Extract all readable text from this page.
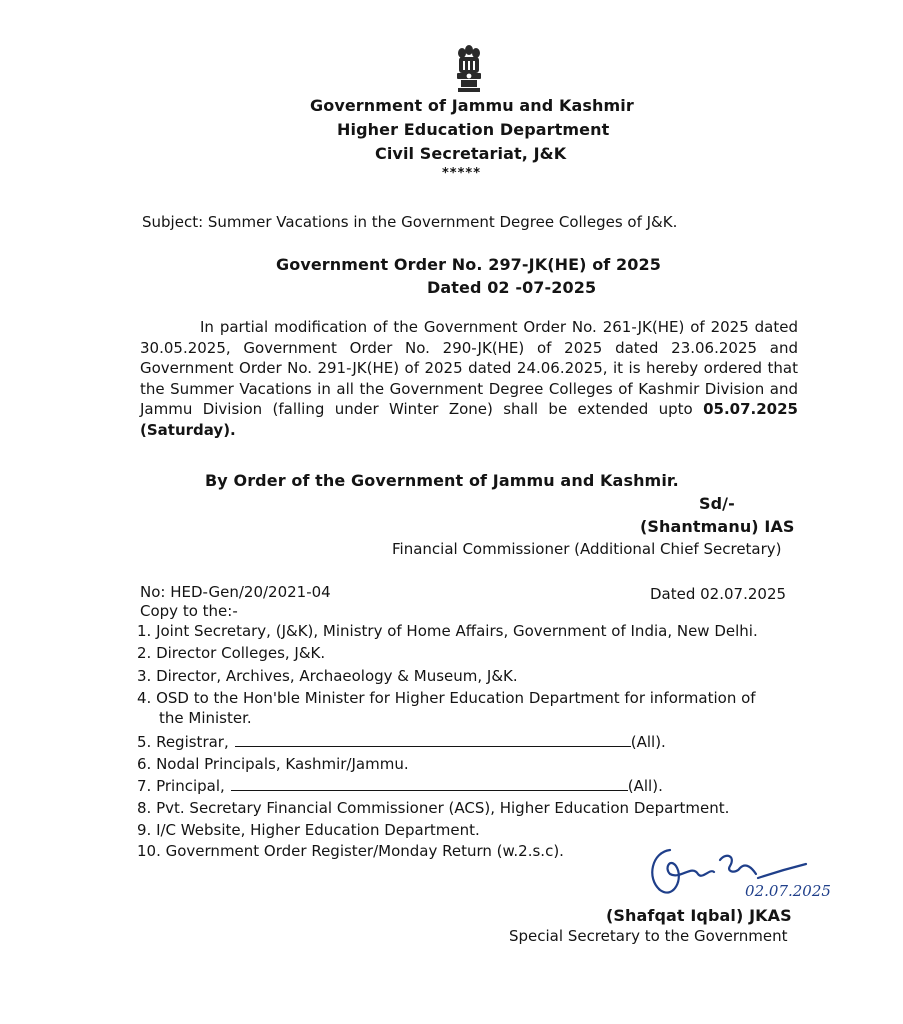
Government of Jammu and Kashmir
Higher Education Department
Civil Secretariat, J&K
*****
Subject: Summer Vacations in the Government Degree Colleges of J&K.
Government Order No. 297-JK(HE) of 2025
Dated 02 -07-2025
In partial modification of the Government Order No. 261-JK(HE) of 2025 dated 30.05.2025, Government Order No. 290-JK(HE) of 2025 dated 23.06.2025 and Government Order No. 291-JK(HE) of 2025 dated 24.06.2025, it is hereby ordered that the Summer Vacations in all the Government Degree Colleges of Kashmir Division and Jammu Division (falling under Winter Zone) shall be extended upto 05.07.2025 (Saturday).
By Order of the Government of Jammu and Kashmir.
Sd/-
(Shantmanu) IAS
Financial Commissioner (Additional Chief Secretary)
No: HED-Gen/20/2021-04	Dated 02.07.2025
Copy to the:-
1. Joint Secretary, (J&K), Ministry of Home Affairs, Government of India, New Delhi.
2. Director Colleges, J&K.
3. Director, Archives, Archaeology & Museum, J&K.
4. OSD to the Hon'ble Minister for Higher Education Department for information of
the Minister.
5. Registrar,	(All).
6. Nodal Principals, Kashmir/Jammu.
7. Principal,	(All).
8. Pvt. Secretary Financial Commissioner (ACS), Higher Education Department.
9. I/C Website, Higher Education Department.
10. Government Order Register/Monday Return (w.2.s.c).
02.07.2025
(Shafqat Iqbal) JKAS
Special Secretary to the Government
